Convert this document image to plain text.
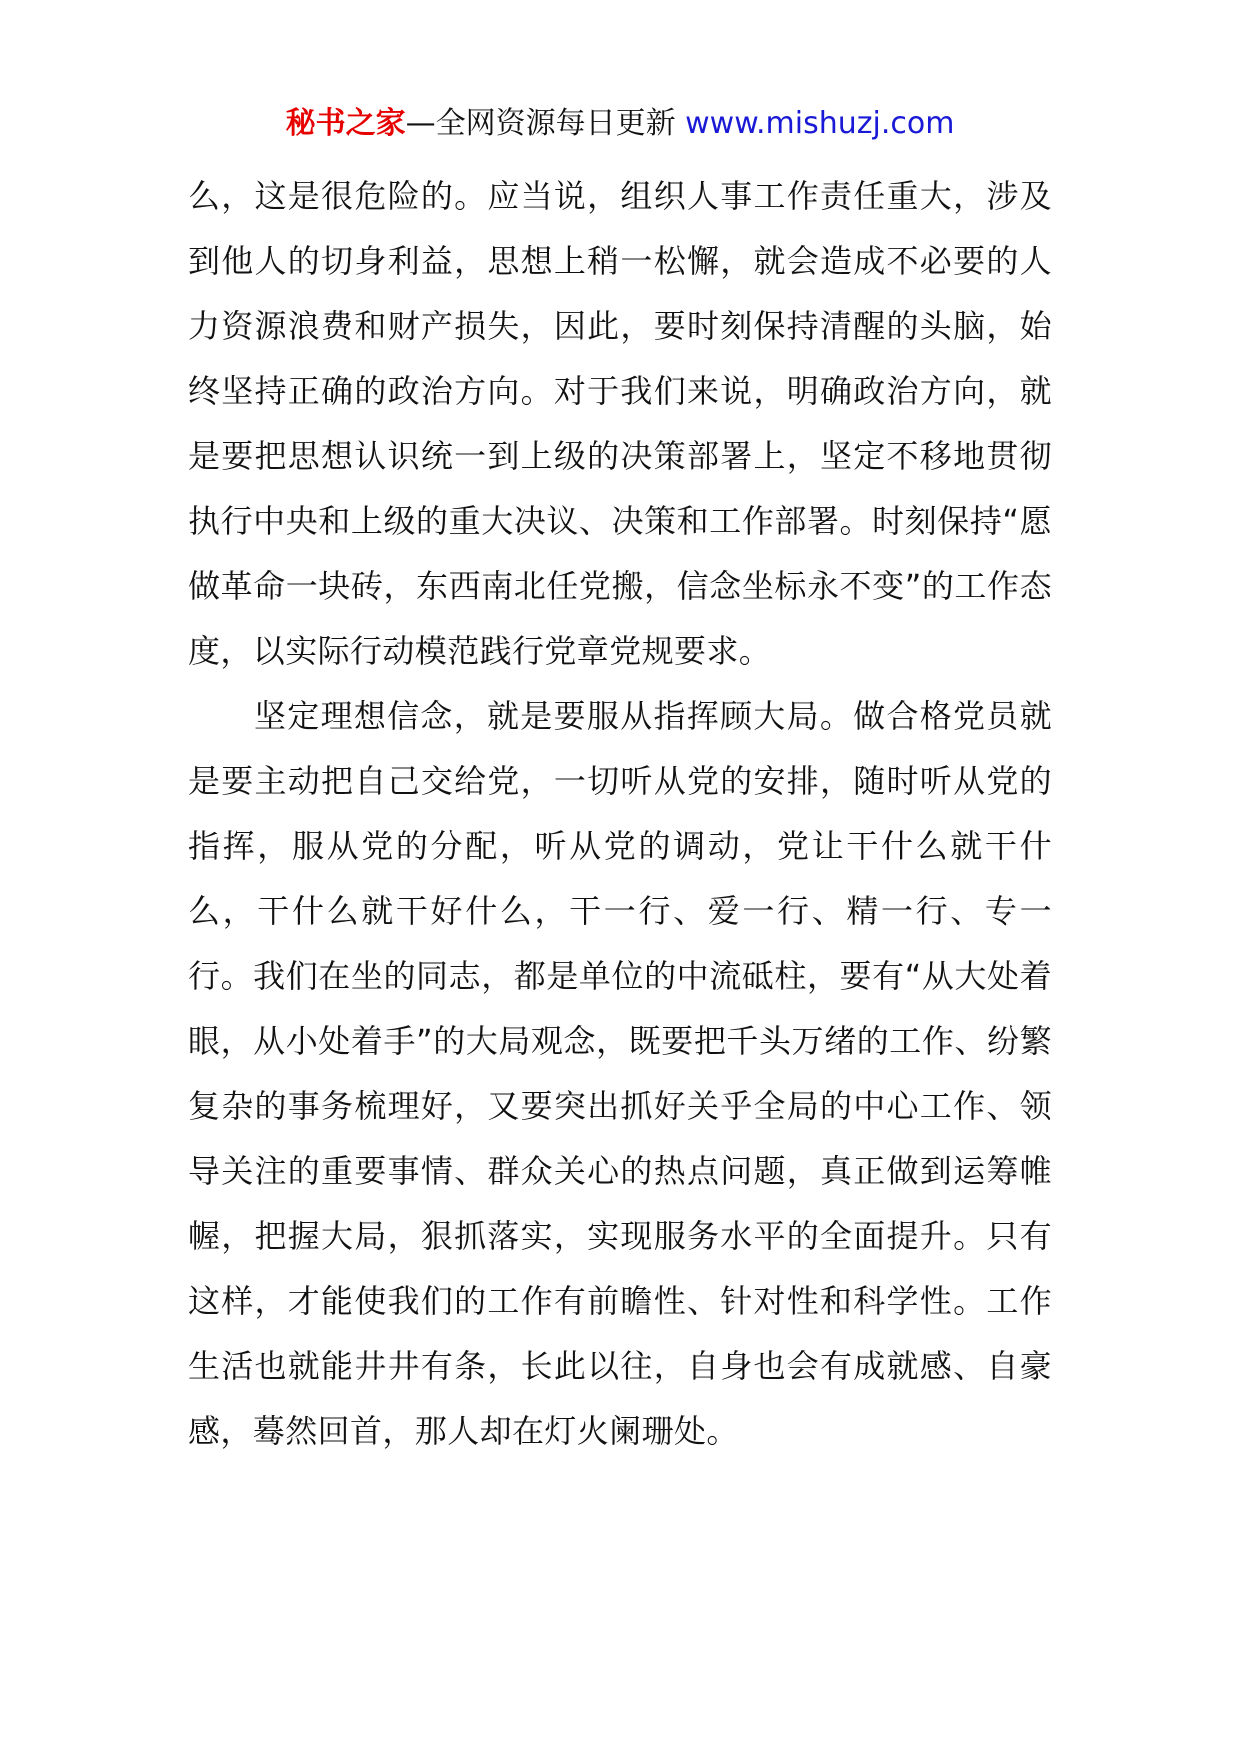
秘书之家—全网资源每日更新 www.mishuzj.com

么，这是很危险的。应当说，组织人事工作责任重大，涉及到他人的切身利益，思想上稍一松懈，就会造成不必要的人力资源浪费和财产损失，因此，要时刻保持清醒的头脑，始终坚持正确的政治方向。对于我们来说，明确政治方向，就是要把思想认识统一到上级的决策部署上，坚定不移地贯彻执行中央和上级的重大决议、决策和工作部署。时刻保持“愿做革命一块砖，东西南北任党搬，信念坐标永不变”的工作态度，以实际行动模范践行党章党规要求。

坚定理想信念，就是要服从指挥顾大局。做合格党员就是要主动把自己交给党，一切听从党的安排，随时听从党的指挥，服从党的分配，听从党的调动，党让干什么就干什么，干什么就干好什么，干一行、爱一行、精一行、专一行。我们在坐的同志，都是单位的中流砥柱，要有“从大处着眼，从小处着手”的大局观念，既要把千头万绪的工作、纷繁复杂的事务梳理好，又要突出抓好关乎全局的中心工作、领导关注的重要事情、群众关心的热点问题，真正做到运筹帷幄，把握大局，狠抓落实，实现服务水平的全面提升。只有这样，才能使我们的工作有前瞻性、针对性和科学性。工作生活也就能井井有条，长此以往，自身也会有成就感、自豪感，蓦然回首，那人却在灯火阑珊处。
